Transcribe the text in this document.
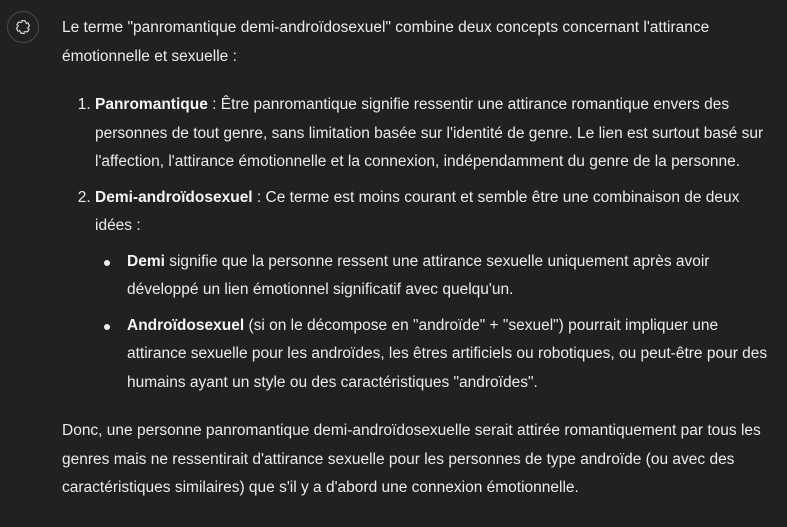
Le terme "panromantique demi-androïdosexuel" combine deux concepts concernant l'attirance émotionnelle et sexuelle :

1. Panromantique : Être panromantique signifie ressentir une attirance romantique envers des personnes de tout genre, sans limitation basée sur l'identité de genre. Le lien est surtout basé sur l'affection, l'attirance émotionnelle et la connexion, indépendamment du genre de la personne.
2. Demi-androïdosexuel : Ce terme est moins courant et semble être une combinaison de deux idées :
Demi signifie que la personne ressent une attirance sexuelle uniquement après avoir développé un lien émotionnel significatif avec quelqu'un.
Androïdosexuel (si on le décompose en "androïde" + "sexuel") pourrait impliquer une attirance sexuelle pour les androïdes, les êtres artificiels ou robotiques, ou peut-être pour des humains ayant un style ou des caractéristiques "androïdes".

Donc, une personne panromantique demi-androïdosexuelle serait attirée romantiquement par tous les genres mais ne ressentirait d'attirance sexuelle pour les personnes de type androïde (ou avec des caractéristiques similaires) que s'il y a d'abord une connexion émotionnelle.
